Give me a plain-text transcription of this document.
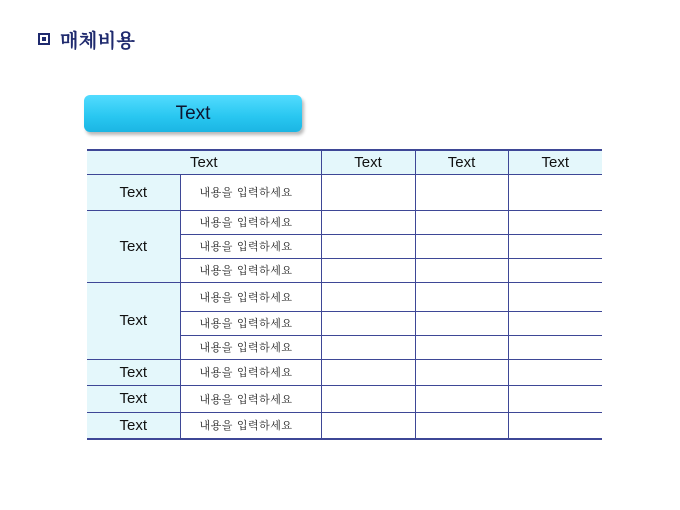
매체비용
Text
Text		Text	Text	Text
Text	내용을 입력하세요			
Text	내용을 입력하세요			
	내용을 입력하세요			
	내용을 입력하세요			
Text	내용을 입력하세요			
	내용을 입력하세요			
	내용을 입력하세요			
Text	내용을 입력하세요			
Text	내용을 입력하세요			
Text	내용을 입력하세요			
